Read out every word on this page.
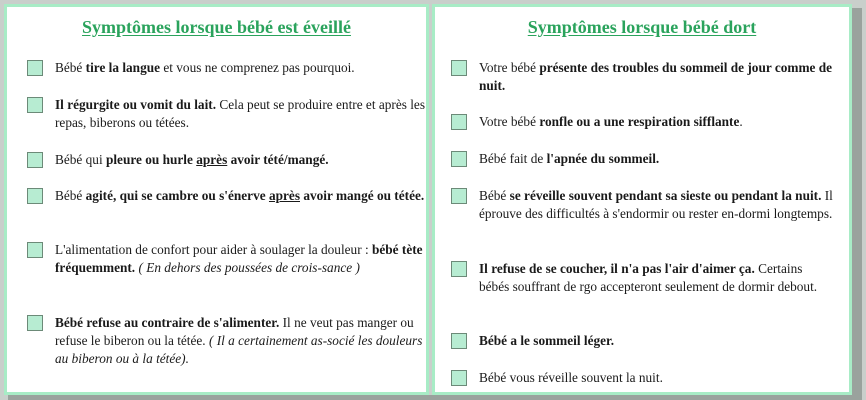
Symptômes lorsque bébé est éveillé
Bébé tire la langue et vous ne comprenez pas pourquoi.
Il régurgite ou vomit du lait. Cela peut se produire entre et après les repas, biberons ou tétées.
Bébé qui pleure ou hurle après avoir tété/mangé.
Bébé agité, qui se cambre ou s'énerve après avoir mangé ou tétée.
L'alimentation de confort pour aider à soulager la douleur : bébé tète fréquemment. ( En dehors des poussées de crois-sance )
Bébé refuse au contraire de s'alimenter. Il ne veut pas manger ou refuse le biberon ou la tétée. ( Il a certainement as-socié les douleurs au biberon ou à la tétée).
Symptômes lorsque bébé dort
Votre bébé présente des troubles du sommeil de jour comme de nuit.
Votre bébé ronfle ou a une respiration sifflante.
Bébé fait de l'apnée du sommeil.
Bébé se réveille souvent pendant sa sieste ou pendant la nuit. Il éprouve des difficultés à s'endormir ou rester en-dormi longtemps.
Il refuse de se coucher, il n'a pas l'air d'aimer ça. Certains bébés souffrant de rgo accepteront seulement de dormir debout.
Bébé a le sommeil léger.
Bébé vous réveille souvent la nuit.
